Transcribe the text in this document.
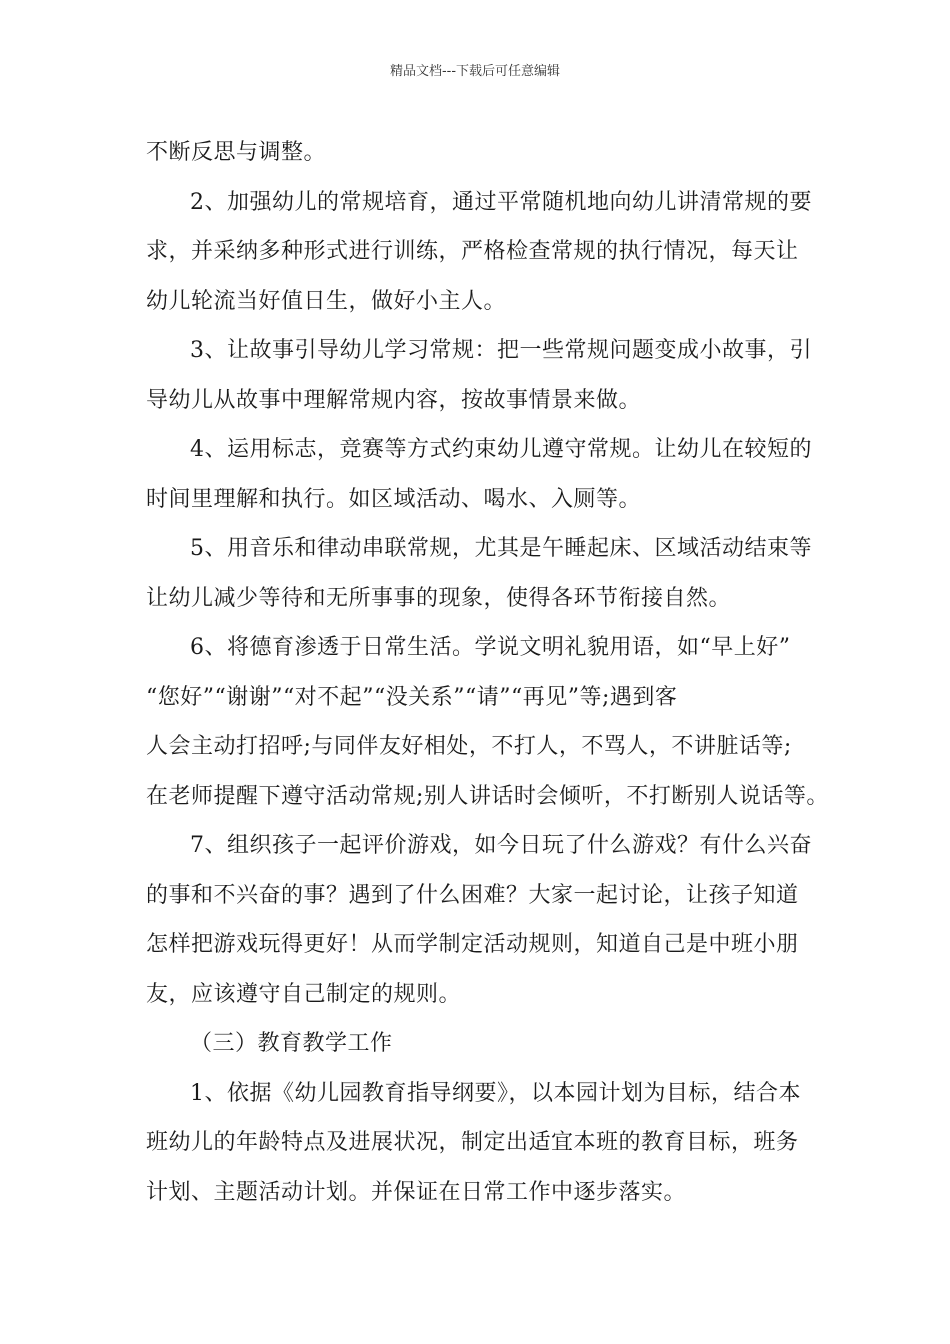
精品文档---下载后可任意编辑
不断反思与调整。
2、加强幼儿的常规培育，通过平常随机地向幼儿讲清常规的要
求，并采纳多种形式进行训练，严格检查常规的执行情况，每天让
幼儿轮流当好值日生，做好小主人。
3、让故事引导幼儿学习常规：把一些常规问题变成小故事，引
导幼儿从故事中理解常规内容，按故事情景来做。
4、运用标志，竞赛等方式约束幼儿遵守常规。让幼儿在较短的
时间里理解和执行。如区域活动、喝水、入厕等。
5、用音乐和律动串联常规，尤其是午睡起床、区域活动结束等
让幼儿减少等待和无所事事的现象，使得各环节衔接自然。
6、将德育渗透于日常生活。学说文明礼貌用语，如“早上好”
“您好”“谢谢”“对不起”“没关系”“请”“再见”等;遇到客
人会主动打招呼;与同伴友好相处，不打人，不骂人，不讲脏话等;
在老师提醒下遵守活动常规;别人讲话时会倾听，不打断别人说话等。
7、组织孩子一起评价游戏，如今日玩了什么游戏？有什么兴奋
的事和不兴奋的事？遇到了什么困难？大家一起讨论，让孩子知道
怎样把游戏玩得更好！从而学制定活动规则，知道自己是中班小朋
友，应该遵守自己制定的规则。
（三）教育教学工作
1、依据《幼儿园教育指导纲要》，以本园计划为目标，结合本
班幼儿的年龄特点及进展状况，制定出适宜本班的教育目标，班务
计划、主题活动计划。并保证在日常工作中逐步落实。
